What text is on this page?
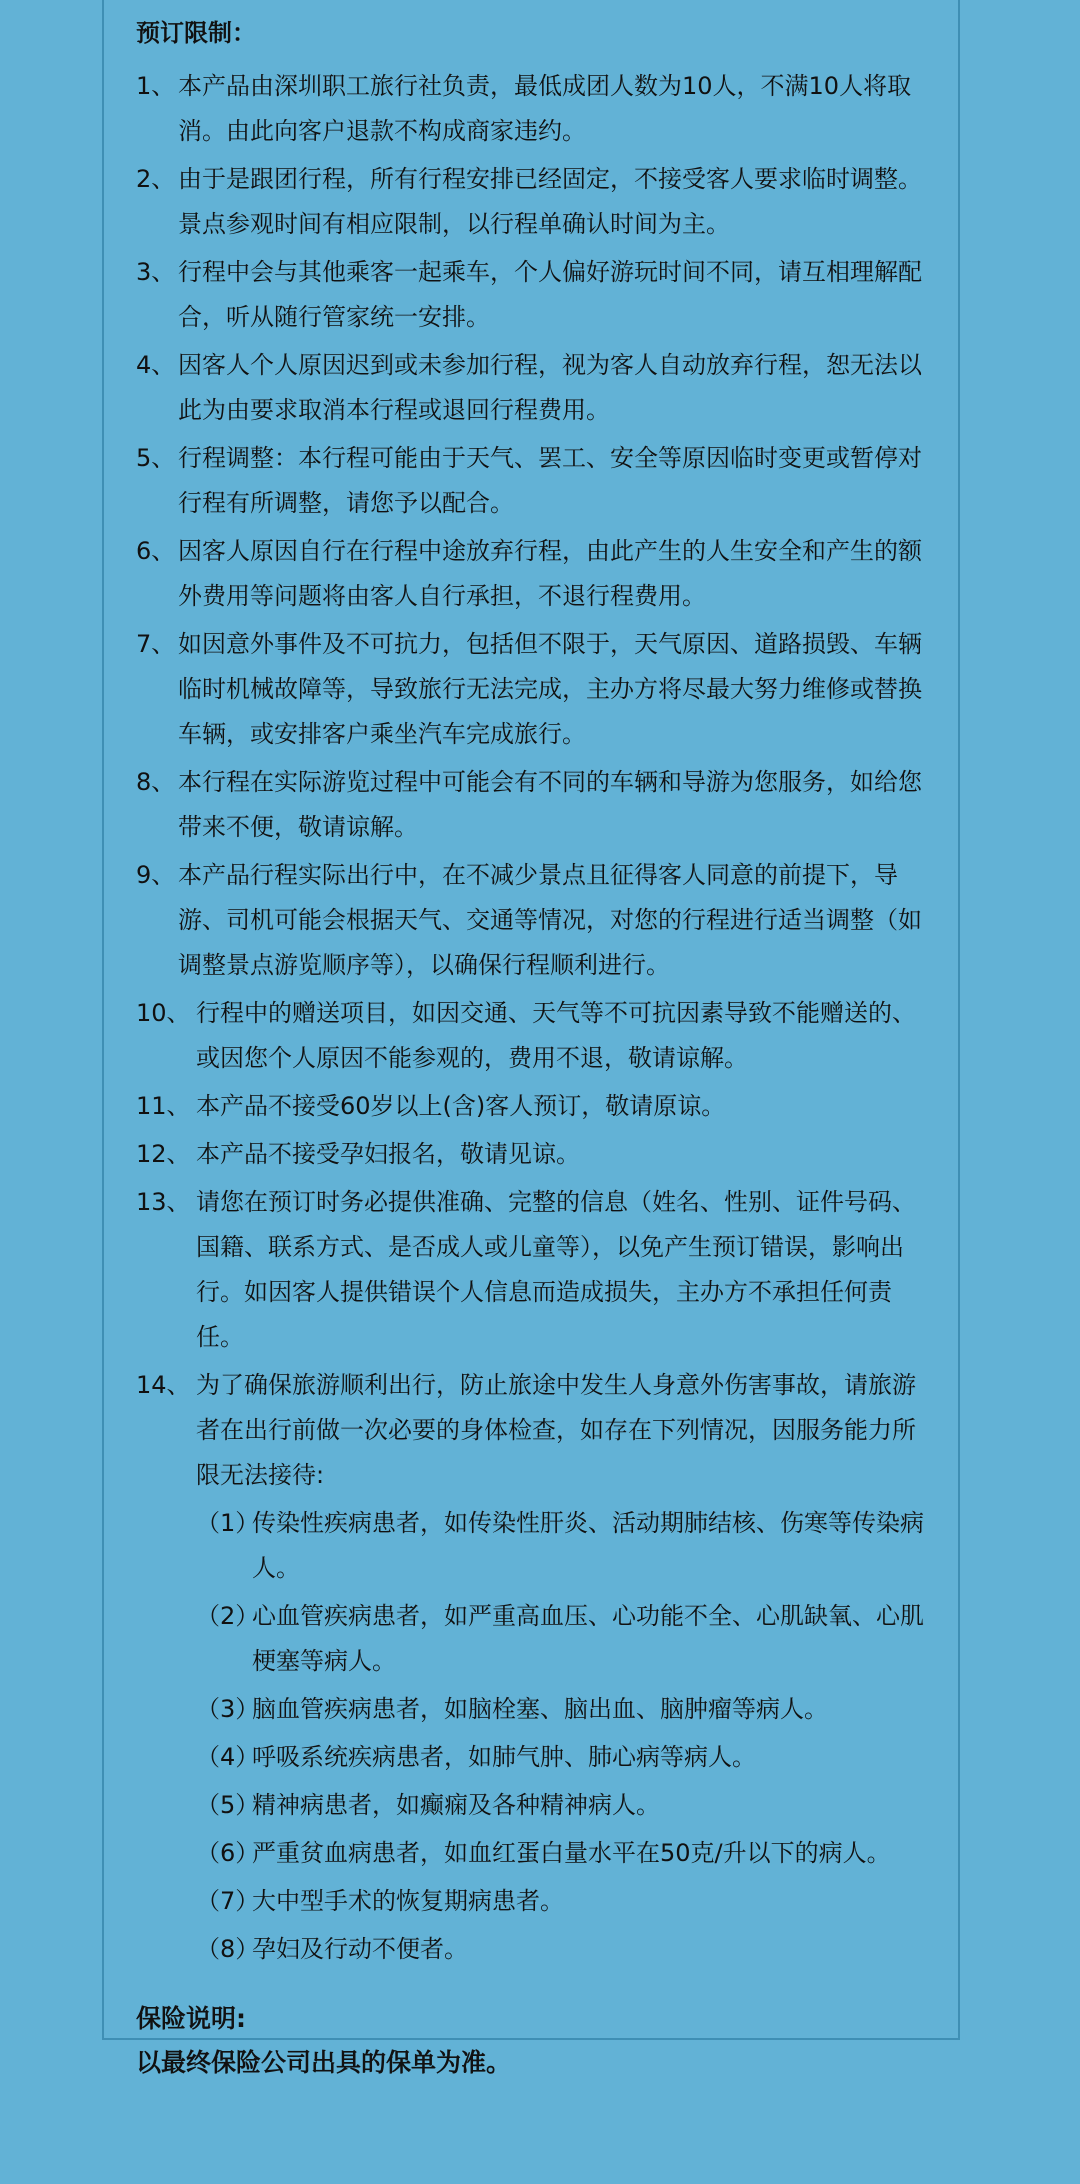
预订限制：

1、 本产品由深圳职工旅行社负责，最低成团人数为10人，不满10人将取消。由此向客户退款不构成商家违约。
2、 由于是跟团行程，所有行程安排已经固定，不接受客人要求临时调整。景点参观时间有相应限制，以行程单确认时间为主。
3、 行程中会与其他乘客一起乘车，个人偏好游玩时间不同，请互相理解配合，听从随行管家统一安排。
4、 因客人个人原因迟到或未参加行程，视为客人自动放弃行程，恕无法以此为由要求取消本行程或退回行程费用。
5、 行程调整：本行程可能由于天气、罢工、安全等原因临时变更或暂停对行程有所调整，请您予以配合。
6、 因客人原因自行在行程中途放弃行程，由此产生的人生安全和产生的额外费用等问题将由客人自行承担，不退行程费用。
7、 如因意外事件及不可抗力，包括但不限于，天气原因、道路损毁、车辆临时机械故障等，导致旅行无法完成，主办方将尽最大努力维修或替换车辆，或安排客户乘坐汽车完成旅行。
8、 本行程在实际游览过程中可能会有不同的车辆和导游为您服务，如给您带来不便，敬请谅解。
9、 本产品行程实际出行中，在不减少景点且征得客人同意的前提下，导游、司机可能会根据天气、交通等情况，对您的行程进行适当调整（如调整景点游览顺序等），以确保行程顺利进行。
10、 行程中的赠送项目，如因交通、天气等不可抗因素导致不能赠送的、或因您个人原因不能参观的，费用不退，敬请谅解。
11、 本产品不接受60岁以上(含)客人预订，敬请原谅。
12、 本产品不接受孕妇报名，敬请见谅。
13、 请您在预订时务必提供准确、完整的信息（姓名、性别、证件号码、国籍、联系方式、是否成人或儿童等），以免产生预订错误，影响出行。如因客人提供错误个人信息而造成损失，主办方不承担任何责任。
14、 为了确保旅游顺利出行，防止旅途中发生人身意外伤害事故，请旅游者在出行前做一次必要的身体检查，如存在下列情况，因服务能力所限无法接待:
（1）
传染性疾病患者，如传染性肝炎、活动期肺结核、伤寒等传染病人。
（2）
心血管疾病患者，如严重高血压、心功能不全、心肌缺氧、心肌梗塞等病人。
（3）
脑血管疾病患者，如脑栓塞、脑出血、脑肿瘤等病人。
（4）
呼吸系统疾病患者，如肺气肿、肺心病等病人。
（5）
精神病患者，如癫痫及各种精神病人。
（6）
严重贫血病患者，如血红蛋白量水平在50克/升以下的病人。
（7）
大中型手术的恢复期病患者。
（8）
孕妇及行动不便者。

保险说明:

以最终保险公司出具的保单为准。
